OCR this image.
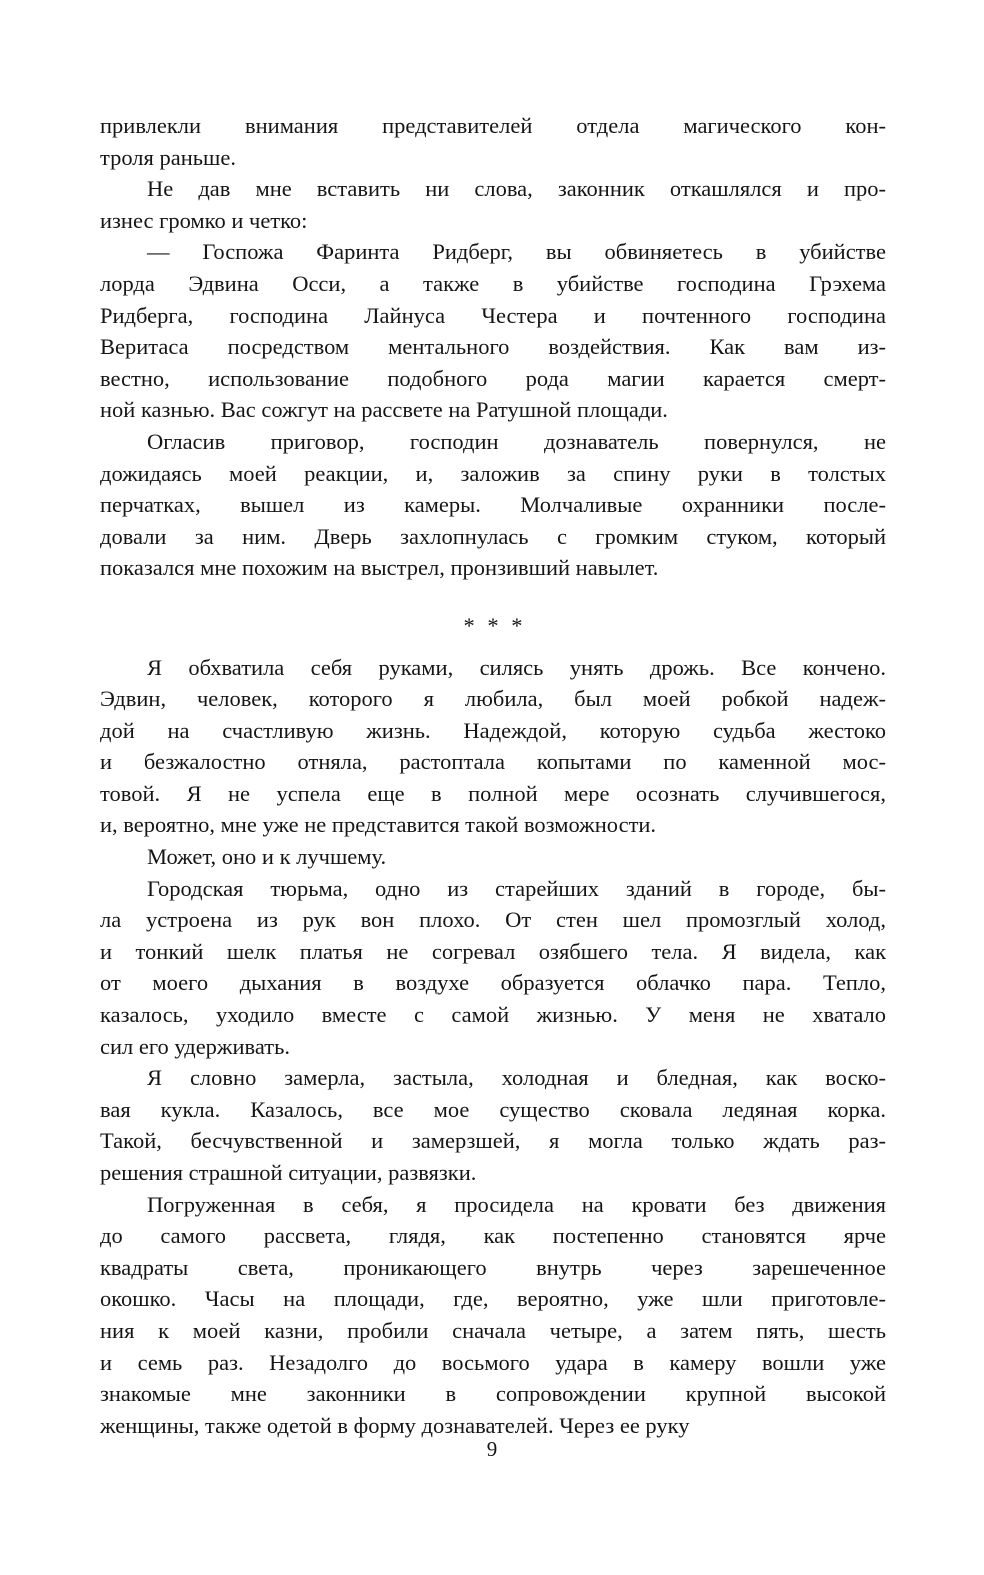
привлекли внимания представителей отдела магического кон-
троля раньше.

Не дав мне вставить ни слова, законник откашлялся и про-
изнес громко и четко:

— Госпожа Фаринта Ридберг, вы обвиняетесь в убийстве
лорда Эдвина Осси, а также в убийстве господина Грэхема
Ридберга, господина Лайнуса Честера и почтенного господина
Веритаса посредством ментального воздействия. Как вам из-
вестно, использование подобного рода магии карается смерт-
ной казнью. Вас сожгут на рассвете на Ратушной площади.

Огласив приговор, господин дознаватель повернулся, не
дожидаясь моей реакции, и, заложив за спину руки в толстых
перчатках, вышел из камеры. Молчаливые охранники после-
довали за ним. Дверь захлопнулась с громким стуком, который
показался мне похожим на выстрел, пронзивший навылет.

* * *

Я обхватила себя руками, силясь унять дрожь. Все кончено.
Эдвин, человек, которого я любила, был моей робкой надеж-
дой на счастливую жизнь. Надеждой, которую судьба жестоко
и безжалостно отняла, растоптала копытами по каменной мос-
товой. Я не успела еще в полной мере осознать случившегося,
и, вероятно, мне уже не представится такой возможности.

Может, оно и к лучшему.

Городская тюрьма, одно из старейших зданий в городе, бы-
ла устроена из рук вон плохо. От стен шел промозглый холод,
и тонкий шелк платья не согревал озябшего тела. Я видела, как
от моего дыхания в воздухе образуется облачко пара. Тепло,
казалось, уходило вместе с самой жизнью. У меня не хватало
сил его удерживать.

Я словно замерла, застыла, холодная и бледная, как воско-
вая кукла. Казалось, все мое существо сковала ледяная корка.
Такой, бесчувственной и замерзшей, я могла только ждать раз-
решения страшной ситуации, развязки.

Погруженная в себя, я просидела на кровати без движения
до самого рассвета, глядя, как постепенно становятся ярче
квадраты света, проникающего внутрь через зарешеченное
окошко. Часы на площади, где, вероятно, уже шли приготовле-
ния к моей казни, пробили сначала четыре, а затем пять, шесть
и семь раз. Незадолго до восьмого удара в камеру вошли уже
знакомые мне законники в сопровождении крупной высокой
женщины, также одетой в форму дознавателей. Через ее руку

9
